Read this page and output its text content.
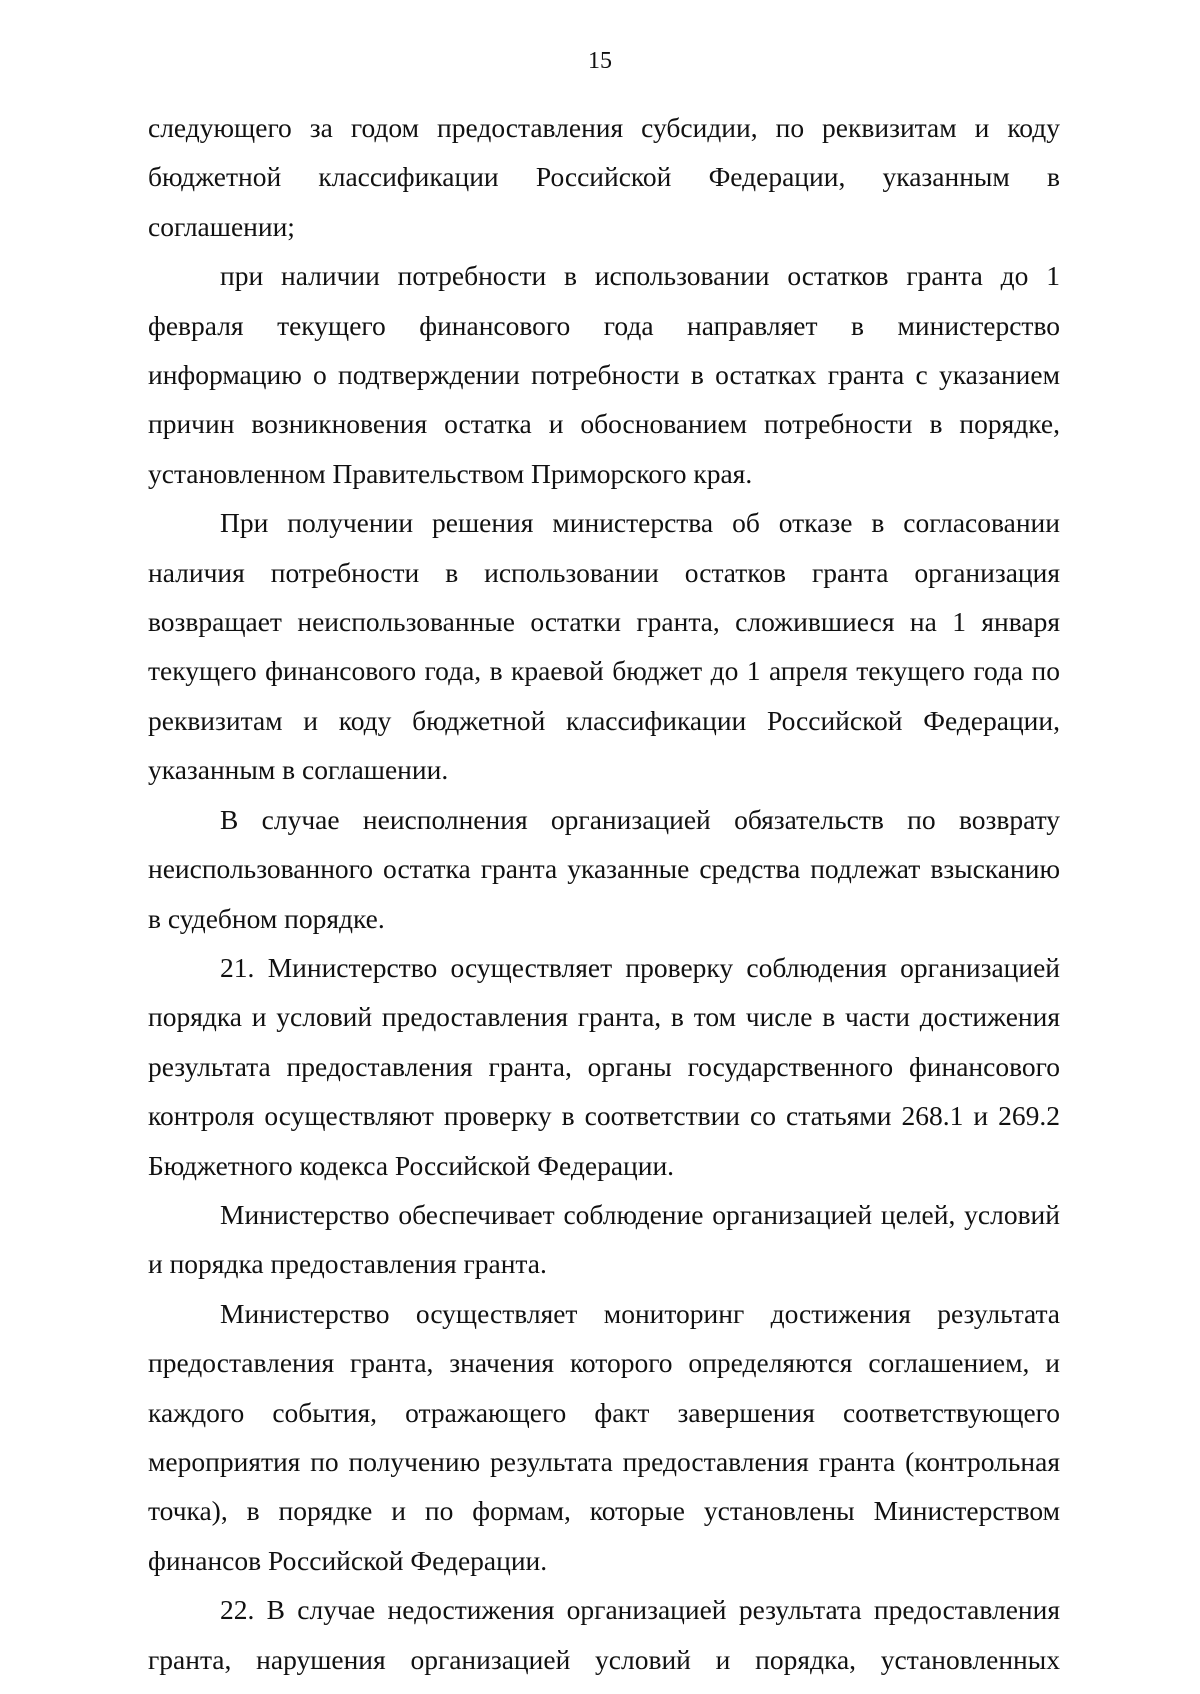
15

следующего за годом предоставления субсидии, по реквизитам и коду бюджетной классификации Российской Федерации, указанным в соглашении;

при наличии потребности в использовании остатков гранта до 1 февраля текущего финансового года направляет в министерство информацию о подтверждении потребности в остатках гранта с указанием причин возникновения остатка и обоснованием потребности в порядке, установленном Правительством Приморского края.

При получении решения министерства об отказе в согласовании наличия потребности в использовании остатков гранта организация возвращает неиспользованные остатки гранта, сложившиеся на 1 января текущего финансового года, в краевой бюджет до 1 апреля текущего года по реквизитам и коду бюджетной классификации Российской Федерации, указанным в соглашении.

В случае неисполнения организацией обязательств по возврату неиспользованного остатка гранта указанные средства подлежат взысканию в судебном порядке.

21. Министерство осуществляет проверку соблюдения организацией порядка и условий предоставления гранта, в том числе в части достижения результата предоставления гранта, органы государственного финансового контроля осуществляют проверку в соответствии со статьями 268.1 и 269.2 Бюджетного кодекса Российской Федерации.

Министерство обеспечивает соблюдение организацией целей, условий и порядка предоставления гранта.

Министерство осуществляет мониторинг достижения результата предоставления гранта, значения которого определяются соглашением, и каждого события, отражающего факт завершения соответствующего мероприятия по получению результата предоставления гранта (контрольная точка), в порядке и по формам, которые установлены Министерством финансов Российской Федерации.

22. В случае недостижения организацией результата предоставления гранта, нарушения организацией условий и порядка, установленных
